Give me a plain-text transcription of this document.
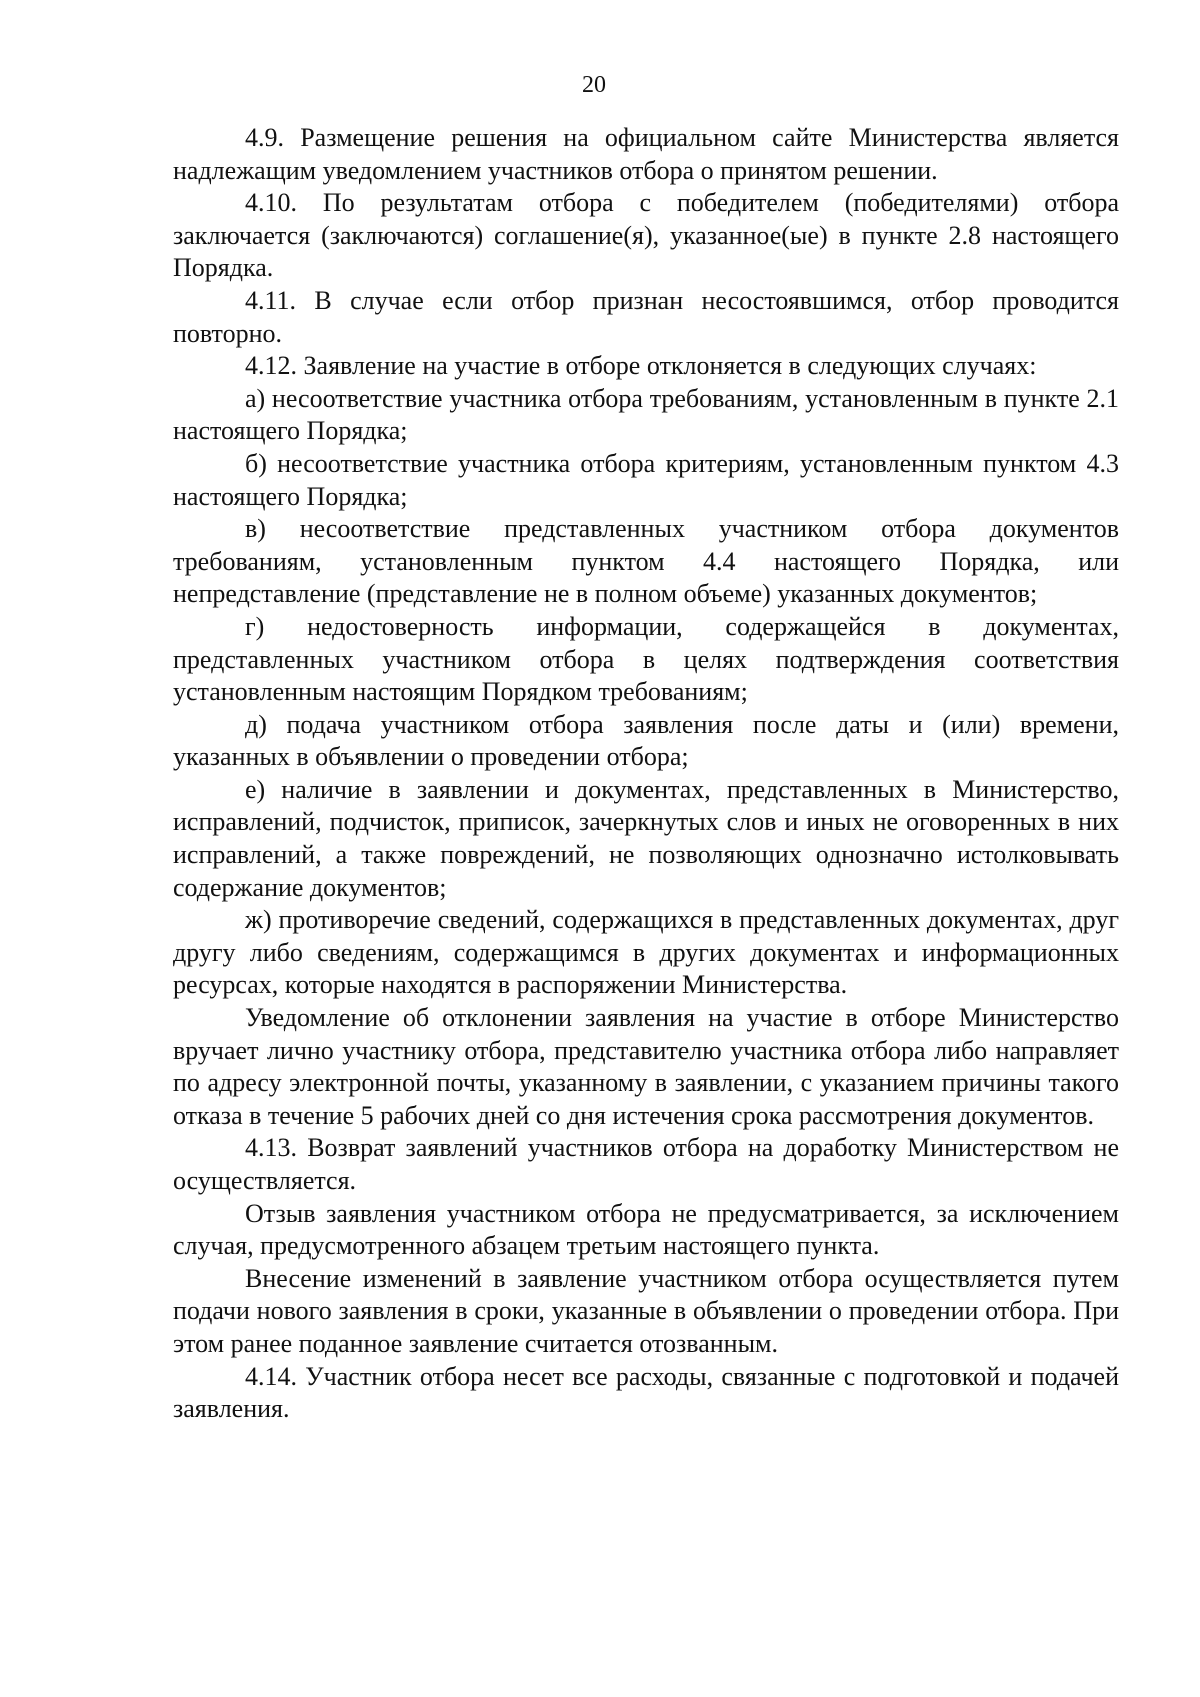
20

4.9. Размещение решения на официальном сайте Министерства является надлежащим уведомлением участников отбора о принятом решении.

4.10. По результатам отбора с победителем (победителями) отбора заключается (заключаются) соглашение(я), указанное(ые) в пункте 2.8 настоящего Порядка.

4.11. В случае если отбор признан несостоявшимся, отбор проводится повторно.

4.12. Заявление на участие в отборе отклоняется в следующих случаях:

а) несоответствие участника отбора требованиям, установленным в пункте 2.1 настоящего Порядка;

б) несоответствие участника отбора критериям, установленным пунктом 4.3 настоящего Порядка;

в) несоответствие представленных участником отбора документов требованиям, установленным пунктом 4.4 настоящего Порядка, или непредставление (представление не в полном объеме) указанных документов;

г) недостоверность информации, содержащейся в документах, представленных участником отбора в целях подтверждения соответствия установленным настоящим Порядком требованиям;

д) подача участником отбора заявления после даты и (или) времени, указанных в объявлении о проведении отбора;

е) наличие в заявлении и документах, представленных в Министерство, исправлений, подчисток, приписок, зачеркнутых слов и иных не оговоренных в них исправлений, а также повреждений, не позволяющих однозначно истолковывать содержание документов;

ж) противоречие сведений, содержащихся в представленных документах, друг другу либо сведениям, содержащимся в других документах и информационных ресурсах, которые находятся в распоряжении Министерства.

Уведомление об отклонении заявления на участие в отборе Министерство вручает лично участнику отбора, представителю участника отбора либо направляет по адресу электронной почты, указанному в заявлении, с указанием причины такого отказа в течение 5 рабочих дней со дня истечения срока рассмотрения документов.

4.13. Возврат заявлений участников отбора на доработку Министерством не осуществляется.

Отзыв заявления участником отбора не предусматривается, за исключением случая, предусмотренного абзацем третьим настоящего пункта.

Внесение изменений в заявление участником отбора осуществляется путем подачи нового заявления в сроки, указанные в объявлении о проведении отбора. При этом ранее поданное заявление считается отозванным.

4.14. Участник отбора несет все расходы, связанные с подготовкой и подачей заявления.
